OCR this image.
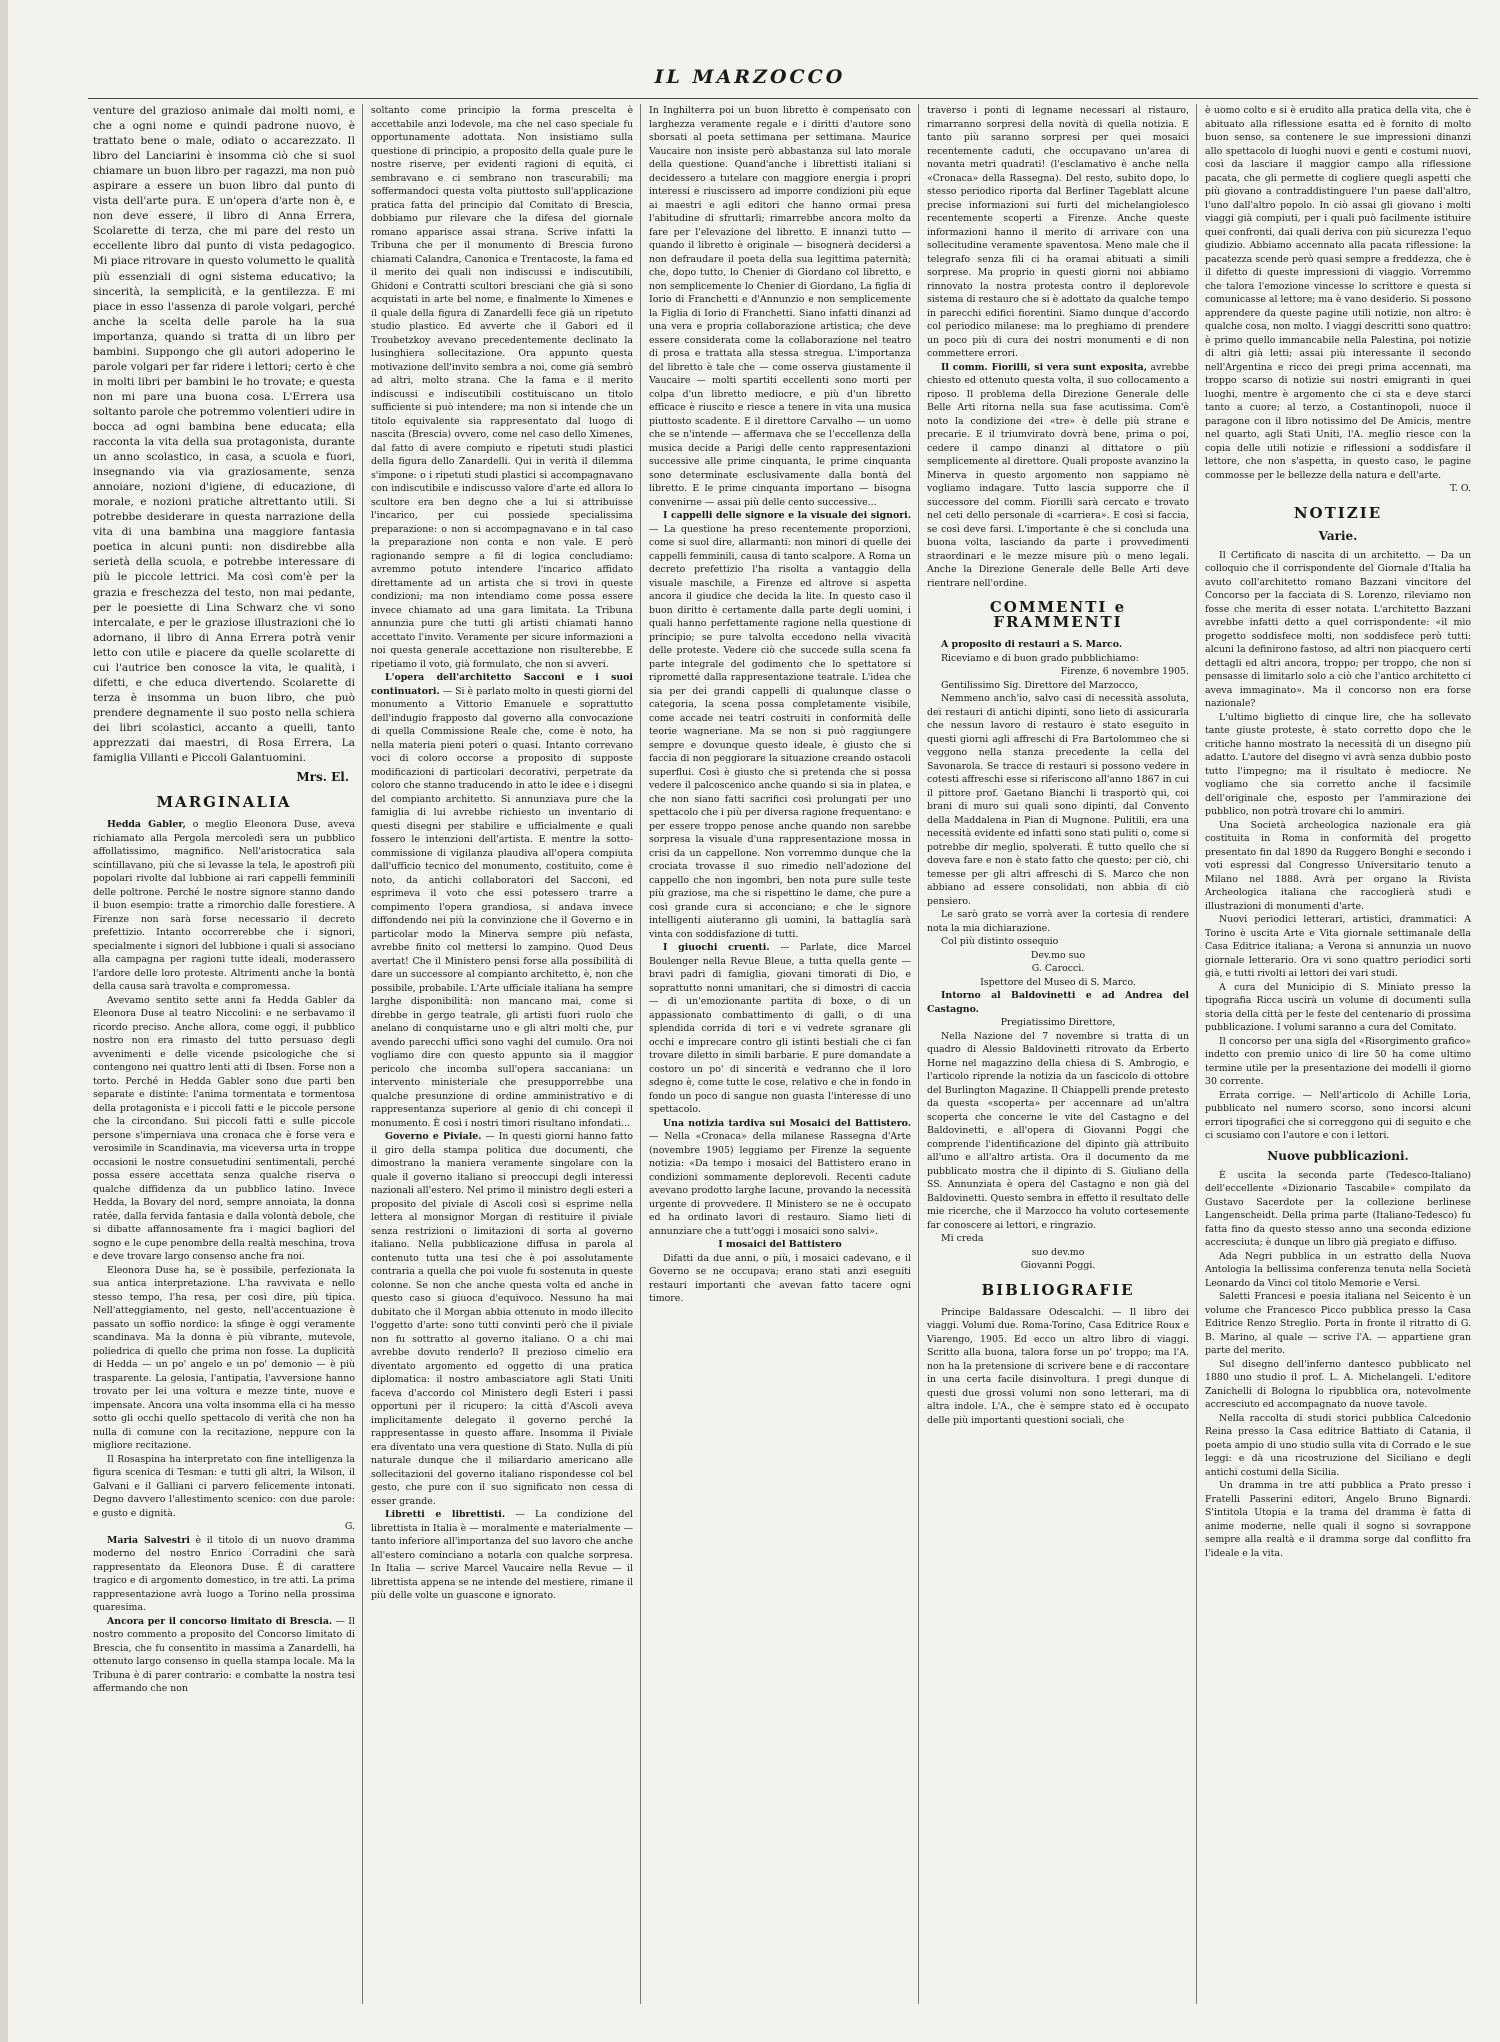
IL MARZOCCO

venture del grazioso animale dai molti nomi, e che a ogni nome e quindi padrone nuovo, è trattato bene o male, odiato o accarezzato. Il libro del Lanciarini è insomma ciò che si suol chiamare un buon libro per ragazzi, ma non può aspirare a essere un buon libro dal punto di vista dell'arte pura. E un'opera d'arte non è, e non deve essere, il libro di Anna Errera, Scolarette di terza, che mi pare del resto un eccellente libro dal punto di vista pedagogico. Mi piace ritrovare in questo volumetto le qualità più essenziali di ogni sistema educativo; la sincerità, la semplicità, e la gentilezza. E mi piace in esso l'assenza di parole volgari, perché anche la scelta delle parole ha la sua importanza, quando si tratta di un libro per bambini. Suppongo che gli autori adoperino le parole volgari per far ridere i lettori; certo è che in molti libri per bambini le ho trovate; e questa non mi pare una buona cosa. L'Errera usa soltanto parole che potremmo volentieri udire in bocca ad ogni bambina bene educata; ella racconta la vita della sua protagonista, durante un anno scolastico, in casa, a scuola e fuori, insegnando via via graziosamente, senza annoiare, nozioni d'igiene, di educazione, di morale, e nozioni pratiche altrettanto utili. Si potrebbe desiderare in questa narrazione della vita di una bambina una maggiore fantasia poetica in alcuni punti: non disdirebbe alla serietà della scuola, e potrebbe interessare di più le piccole lettrici. Ma così com'è per la grazia e freschezza del testo, non mai pedante, per le poesiette di Lina Schwarz che vi sono intercalate, e per le graziose illustrazioni che lo adornano, il libro di Anna Errera potrà venir letto con utile e piacere da quelle scolarette di cui l'autrice ben conosce la vita, le qualità, i difetti, e che educa divertendo. Scolarette di terza è insomma un buon libro, che può prendere degnamente il suo posto nella schiera dei libri scolastici, accanto a quelli, tanto apprezzati dai maestri, di Rosa Errera, La famiglia Villanti e Piccoli Galantuomini.

Mrs. El.
MARGINALIA

Hedda Gabler, o meglio Eleonora Duse, aveva richiamato alla Pergola mercoledì sera un pubblico affollatissimo, magnifico. Nell'aristocratica sala scintillavano, più che si levasse la tela, le apostrofi più popolari rivolte dal lubbione ai rari cappelli femminili delle poltrone. Perché le nostre signore stanno dando il buon esempio: tratte a rimorchio dalle forestiere. A Firenze non sarà forse necessario il decreto prefettizio. Intanto occorrerebbe che i signori, specialmente i signori del lubbione i quali si associano alla campagna per ragioni tutte ideali, moderassero l'ardore delle loro proteste. Altrimenti anche la bontà della causa sarà travolta e compromessa.

Avevamo sentito sette anni fa Hedda Gabler da Eleonora Duse al teatro Niccolini: e ne serbavamo il ricordo preciso. Anche allora, come oggi, il pubblico nostro non era rimasto del tutto persuaso degli avvenimenti e delle vicende psicologiche che si contengono nei quattro lenti atti di Ibsen. Forse non a torto. Perché in Hedda Gabler sono due parti ben separate e distinte: l'anima tormentata e tormentosa della protagonista e i piccoli fatti e le piccole persone che la circondano. Sui piccoli fatti e sulle piccole persone s'imperniava una cronaca che è forse vera e verosimile in Scandinavia, ma viceversa urta in troppe occasioni le nostre consuetudini sentimentali, perché possa essere accettata senza qualche riserva o qualche diffidenza da un pubblico latino. Invece Hedda, la Bovary del nord, sempre annoiata, la donna ratée, dalla fervida fantasia e dalla volontà debole, che si dibatte affannosamente fra i magici bagliori del sogno e le cupe penombre della realtà meschina, trova e deve trovare largo consenso anche fra noi.

Eleonora Duse ha, se è possibile, perfezionata la sua antica interpretazione. L'ha ravvivata e nello stesso tempo, l'ha resa, per così dire, più tipica. Nell'atteggiamento, nel gesto, nell'accentuazione è passato un soffio nordico: la sfinge è oggi veramente scandinava. Ma la donna è più vibrante, mutevole, poliedrica di quello che prima non fosse. La duplicità di Hedda — un po' angelo e un po' demonio — è più trasparente. La gelosia, l'antipatia, l'avversione hanno trovato per lei una voltura e mezze tinte, nuove e impensate. Ancora una volta insomma ella ci ha messo sotto gli occhi quello spettacolo di verità che non ha nulla di comune con la recitazione, neppure con la migliore recitazione.

Il Rosaspina ha interpretato con fine intelligenza la figura scenica di Tesman: e tutti gli altri, la Wilson, il Galvani e il Galliani ci parvero felicemente intonati. Degno davvero l'allestimento scenico: con due parole: e gusto e dignità.

G.

Maria Salvestri è il titolo di un nuovo dramma moderno del nostro Enrico Corradini che sarà rappresentato da Eleonora Duse. È di carattere tragico e di argomento domestico, in tre atti. La prima rappresentazione avrà luogo a Torino nella prossima quaresima.

Ancora per il concorso limitato di Brescia. — Il nostro commento a proposito del Concorso limitato di Brescia, che fu consentito in massima a Zanardelli, ha ottenuto largo consenso in quella stampa locale. Ma la Tribuna è di parer contrario: e combatte la nostra tesi affermando che non

soltanto come principio la forma prescelta è accettabile anzi lodevole, ma che nel caso speciale fu opportunamente adottata. Non insistiamo sulla questione di principio, a proposito della quale pure le nostre riserve, per evidenti ragioni di equità, ci sembravano e ci sembrano non trascurabili; ma soffermandoci questa volta piuttosto sull'applicazione pratica fatta del principio dal Comitato di Brescia, dobbiamo pur rilevare che la difesa del giornale romano apparisce assai strana. Scrive infatti la Tribuna che per il monumento di Brescia furono chiamati Calandra, Canonica e Trentacoste, la fama ed il merito dei quali non indiscussi e indiscutibili, Ghidoni e Contratti scultori bresciani che già si sono acquistati in arte bel nome, e finalmente lo Ximenes e il quale della figura di Zanardelli fece già un ripetuto studio plastico. Ed avverte che il Gabori ed il Troubetzkoy avevano precedentemente declinato la lusinghiera sollecitazione. Ora appunto questa motivazione dell'invito sembra a noi, come già sembrò ad altri, molto strana. Che la fama e il merito indiscussi e indiscutibili costituiscano un titolo sufficiente si può intendere; ma non si intende che un titolo equivalente sia rappresentato dal luogo di nascita (Brescia) ovvero, come nel caso dello Ximenes, dal fatto di avere compiuto e ripetuti studi plastici della figura dello Zanardelli. Qui in verità il dilemma s'impone: o i ripetuti studi plastici si accompagnavano con indiscutibile e indiscusso valore d'arte ed allora lo scultore era ben degno che a lui si attribuisse l'incarico, per cui possiede specialissima preparazione: o non si accompagnavano e in tal caso la preparazione non conta e non vale. E però ragionando sempre a fil di logica concludiamo: avremmo potuto intendere l'incarico affidato direttamente ad un artista che si trovi in queste condizioni; ma non intendiamo come possa essere invece chiamato ad una gara limitata. La Tribuna annunzia pure che tutti gli artisti chiamati hanno accettato l'invito. Veramente per sicure informazioni a noi questa generale accettazione non risulterebbe. E ripetiamo il voto, già formulato, che non si avveri.

L'opera dell'architetto Sacconi e i suoi continuatori. — Si è parlato molto in questi giorni del monumento a Vittorio Emanuele e soprattutto dell'indugio frapposto dal governo alla convocazione di quella Commissione Reale che, come è noto, ha nella materia pieni poteri o quasi. Intanto correvano voci di coloro occorse a proposito di supposte modificazioni di particolari decorativi, perpetrate da coloro che stanno traducendo in atto le idee e i disegni del compianto architetto. Si annunziava pure che la famiglia di lui avrebbe richiesto un inventario di questi disegni per stabilire e ufficialmente e quali fossero le intenzioni dell'artista. E mentre la sotto-commissione di vigilanza plaudiva all'opera compiuta dall'ufficio tecnico del monumento, costituito, come è noto, da antichi collaboratori del Sacconi, ed esprimeva il voto che essi potessero trarre a compimento l'opera grandiosa, si andava invece diffondendo nei più la convinzione che il Governo e in particolar modo la Minerva sempre più nefasta, avrebbe finito col mettersi lo zampino. Quod Deus avertat! Che il Ministero pensi forse alla possibilità di dare un successore al compianto architetto, è, non che possibile, probabile. L'Arte ufficiale italiana ha sempre larghe disponibilità: non mancano mai, come si direbbe in gergo teatrale, gli artisti fuori ruolo che anelano di conquistarne uno e gli altri molti che, pur avendo parecchi uffici sono vaghi del cumulo. Ora noi vogliamo dire con questo appunto sia il maggior pericolo che incomba sull'opera saccaniana: un intervento ministeriale che presupporrebbe una qualche presunzione di ordine amministrativo e di rappresentanza superiore al genio di chi concepì il monumento. È così i nostri timori risultano infondati...

Governo e Piviale. — In questi giorni hanno fatto il giro della stampa politica due documenti, che dimostrano la maniera veramente singolare con la quale il governo italiano si preoccupi degli interessi nazionali all'estero. Nel primo il ministro degli esteri a proposito del piviale di Ascoli così si esprime nella lettera al monsignor Morgan di restituire il piviale senza restrizioni o limitazioni di sorta al governo italiano. Nella pubblicazione diffusa in parola al contenuto tutta una tesi che è poi assolutamente contraria a quella che poi vuole fu sostenuta in queste colonne. Se non che anche questa volta ed anche in questo caso si giuoca d'equivoco. Nessuno ha mai dubitato che il Morgan abbia ottenuto in modo illecito l'oggetto d'arte: sono tutti convinti però che il piviale non fu sottratto al governo italiano. O a chi mai avrebbe dovuto renderlo? Il prezioso cimelio era diventato argomento ed oggetto di una pratica diplomatica: il nostro ambasciatore agli Stati Uniti faceva d'accordo col Ministero degli Esteri i passi opportuni per il ricupero: la città d'Ascoli aveva implicitamente delegato il governo perché la rappresentasse in questo affare. Insomma il Piviale era diventato una vera questione di Stato. Nulla di più naturale dunque che il miliardario americano alle sollecitazioni del governo italiano rispondesse col bel gesto, che pure con il suo significato non cessa di esser grande.

Libretti e librettisti. — La condizione del librettista in Italia è — moralmente e materialmente — tanto inferiore all'importanza del suo lavoro che anche all'estero cominciano a notarla con qualche sorpresa. In Italia — scrive Marcel Vaucaire nella Revue — il librettista appena se ne intende del mestiere, rimane il più delle volte un guascone e ignorato.

In Inghilterra poi un buon libretto è compensato con larghezza veramente regale e i diritti d'autore sono sborsati al poeta settimana per settimana. Maurice Vaucaire non insiste però abbastanza sul lato morale della questione. Quand'anche i librettisti italiani si decidessero a tutelare con maggiore energia i propri interessi e riuscissero ad imporre condizioni più eque ai maestri e agli editori che hanno ormai presa l'abitudine di sfruttarli; rimarrebbe ancora molto da fare per l'elevazione del libretto. E innanzi tutto — quando il libretto è originale — bisognerà decidersi a non defraudare il poeta della sua legittima paternità; che, dopo tutto, lo Chenier di Giordano col libretto, e non semplicemente lo Chenier di Giordano, La figlia di Iorio di Franchetti e d'Annunzio e non semplicemente la Figlia di Iorio di Franchetti. Siano infatti dinanzi ad una vera e propria collaborazione artistica; che deve essere considerata come la collaborazione nel teatro di prosa e trattata alla stessa stregua. L'importanza del libretto è tale che — come osserva giustamente il Vaucaire — molti spartiti eccellenti sono morti per colpa d'un libretto mediocre, e più d'un libretto efficace è riuscito e riesce a tenere in vita una musica piuttosto scadente. E il direttore Carvalho — un uomo che se n'intende — affermava che se l'eccellenza della musica decide a Parigi delle cento rappresentazioni successive alle prime cinquanta, le prime cinquanta sono determinate esclusivamente dalla bontà del libretto. E le prime cinquanta importano — bisogna convenirne — assai più delle cento successive...

I cappelli delle signore e la visuale dei signori. — La questione ha preso recentemente proporzioni, come si suol dire, allarmanti: non minori di quelle dei cappelli femminili, causa di tanto scalpore. A Roma un decreto prefettizio l'ha risolta a vantaggio della visuale maschile, a Firenze ed altrove si aspetta ancora il giudice che decida la lite. In questo caso il buon diritto è certamente dalla parte degli uomini, i quali hanno perfettamente ragione nella questione di principio; se pure talvolta eccedono nella vivacità delle proteste. Vedere ciò che succede sulla scena fa parte integrale del godimento che lo spettatore si riprometté dalla rappresentazione teatrale. L'idea che sia per dei grandi cappelli di qualunque classe o categoria, la scena possa completamente visibile, come accade nei teatri costruiti in conformità delle teorie wagneriane. Ma se non si può raggiungere sempre e dovunque questo ideale, è giusto che si faccia di non peggiorare la situazione creando ostacoli superflui. Così è giusto che si pretenda che si possa vedere il palcoscenico anche quando si sia in platea, e che non siano fatti sacrifici così prolungati per uno spettacolo che i più per diversa ragione frequentano: e per essere troppo penose anche quando non sarebbe sorpresa la visuale d'una rappresentazione mossa in crisi da un cappellone. Non vorremmo dunque che la crociata trovasse il suo rimedio nell'adozione del cappello che non ingombri, ben nota pure sulle teste più graziose, ma che si rispettino le dame, che pure a così grande cura si acconciano; e che le signore intelligenti aiuteranno gli uomini, la battaglia sarà vinta con soddisfazione di tutti.

I giuochi cruenti. — Parlate, dice Marcel Boulenger nella Revue Bleue, a tutta quella gente — bravi padri di famiglia, giovani timorati di Dio, e soprattutto nonni umanitari, che si dimostri di caccia — di un'emozionante partita di boxe, o di un appassionato combattimento di galli, o di una splendida corrida di tori e vi vedrete sgranare gli occhi e imprecare contro gli istinti bestiali che ci fan trovare diletto in simili barbarie. E pure domandate a costoro un po' di sincerità e vedranno che il loro sdegno è, come tutte le cose, relativo e che in fondo in fondo un poco di sangue non guasta l'interesse di uno spettacolo.

Una notizia tardiva sui Mosaici del Battistero. — Nella «Cronaca» della milanese Rassegna d'Arte (novembre 1905) leggiamo per Firenze la seguente notizia: «Da tempo i mosaici del Battistero erano in condizioni sommamente deplorevoli. Recenti cadute avevano prodotto larghe lacune, provando la necessità urgente di provvedere. Il Ministero se ne è occupato ed ha ordinato lavori di restauro. Siamo lieti di annunziare che a tutt'oggi i mosaici sono salvi».

I mosaici del Battistero

Difatti da due anni, o più, i mosaici cadevano, e il Governo se ne occupava; erano stati anzi eseguiti restauri importanti che avevan fatto tacere ogni timore.

traverso i ponti di legname necessari al ristauro, rimarranno sorpresi della novità di quella notizia. E tanto più saranno sorpresi per quei mosaici recentemente caduti, che occupavano un'area di novanta metri quadrati! (l'esclamativo è anche nella «Cronaca» della Rassegna). Del resto, subito dopo, lo stesso periodico riporta dal Berliner Tageblatt alcune precise informazioni sui furti del michelangiolesco recentemente scoperti a Firenze. Anche queste informazioni hanno il merito di arrivare con una sollecitudine veramente spaventosa. Meno male che il telegrafo senza fili ci ha oramai abituati a simili sorprese. Ma proprio in questi giorni noi abbiamo rinnovato la nostra protesta contro il deplorevole sistema di restauro che si è adottato da qualche tempo in parecchi edifici fiorentini. Siamo dunque d'accordo col periodico milanese: ma lo preghiamo di prendere un poco più di cura dei nostri monumenti e di non commettere errori.

Il comm. Fiorilli, si vera sunt exposita, avrebbe chiesto ed ottenuto questa volta, il suo collocamento a riposo. Il problema della Direzione Generale delle Belle Arti ritorna nella sua fase acutissima. Com'è noto la condizione dei «tre» è delle più strane e precarie. E il triumvirato dovrà bene, prima o poi, cedere il campo dinanzi al dittatore o più semplicemente al direttore. Quali proposte avanzino la Minerva in questo argomento non sappiamo nè vogliamo indagare. Tutto lascia supporre che il successore del comm. Fiorilli sarà cercato e trovato nel ceti dello personale di «carriera». E così si faccia, se così deve farsi. L'importante è che si concluda una buona volta, lasciando da parte i provvedimenti straordinari e le mezze misure più o meno legali. Anche la Direzione Generale delle Belle Arti deve rientrare nell'ordine.

COMMENTI e FRAMMENTI

A proposito di restauri a S. Marco.

Riceviamo e di buon grado pubblichiamo:

Firenze, 6 novembre 1905.

Gentilissimo Sig. Direttore del Marzocco,

Nemmeno anch'io, salvo casi di necessità assoluta, dei restauri di antichi dipinti, sono lieto di assicurarla che nessun lavoro di restauro è stato eseguito in questi giorni agli affreschi di Fra Bartolommeo che si veggono nella stanza precedente la cella del Savonarola. Se tracce di restauri si possono vedere in cotesti affreschi esse si riferiscono all'anno 1867 in cui il pittore prof. Gaetano Bianchi li trasportò qui, coi brani di muro sui quali sono dipinti, dal Convento della Maddalena in Pian di Mugnone. Pulitili, era una necessità evidente ed infatti sono stati puliti o, come si potrebbe dir meglio, spolverati. È tutto quello che si doveva fare e non è stato fatto che questo; per ciò, chi temesse per gli altri affreschi di S. Marco che non abbiano ad essere consolidati, non abbia di ciò pensiero.

Le sarò grato se vorrà aver la cortesia di rendere nota la mia dichiarazione.

Col più distinto ossequio

Dev.mo suo

G. Carocci.

Ispettore del Museo di S. Marco.

Intorno al Baldovinetti e ad Andrea del Castagno.

Pregiatissimo Direttore,

Nella Nazione del 7 novembre si tratta di un quadro di Alessio Baldovinetti ritrovato da Erberto Horne nel magazzino della chiesa di S. Ambrogio, e l'articolo riprende la notizia da un fascicolo di ottobre del Burlington Magazine. Il Chiappelli prende pretesto da questa «scoperta» per accennare ad un'altra scoperta che concerne le vite del Castagno e del Baldovinetti, e all'opera di Giovanni Poggi che comprende l'identificazione del dipinto già attribuito all'uno e all'altro artista. Ora il documento da me pubblicato mostra che il dipinto di S. Giuliano della SS. Annunziata è opera del Castagno e non già del Baldovinetti. Questo sembra in effetto il resultato delle mie ricerche, che il Marzocco ha voluto cortesemente far conoscere ai lettori, e ringrazio.

Mi creda

suo dev.mo

Giovanni Poggi.

BIBLIOGRAFIE

Principe Baldassare Odescalchi. — Il libro dei viaggi. Volumi due. Roma-Torino, Casa Editrice Roux e Viarengo, 1905. Ed ecco un altro libro di viaggi. Scritto alla buona, talora forse un po' troppo; ma l'A. non ha la pretensione di scrivere bene e di raccontare in una certa facile disinvoltura. I pregi dunque di questi due grossi volumi non sono letterari, ma di altra indole. L'A., che è sempre stato ed è occupato delle più importanti questioni sociali, che

è uomo colto e si è erudito alla pratica della vita, che è abituato alla riflessione esatta ed è fornito di molto buon senso, sa contenere le sue impressioni dinanzi allo spettacolo di luoghi nuovi e genti e costumi nuovi, così da lasciare il maggior campo alla riflessione pacata, che gli permette di cogliere quegli aspetti che più giovano a contraddistinguere l'un paese dall'altro, l'uno dall'altro popolo. In ciò assai gli giovano i molti viaggi già compiuti, per i quali può facilmente istituire quei confronti, dai quali deriva con più sicurezza l'equo giudizio. Abbiamo accennato alla pacata riflessione: la pacatezza scende però quasi sempre a freddezza, che è il difetto di queste impressioni di viaggio. Vorremmo che talora l'emozione vincesse lo scrittore e questa si comunicasse al lettore; ma è vano desiderio. Si possono apprendere da queste pagine utili notizie, non altro: è qualche cosa, non molto. I viaggi descritti sono quattro: è primo quello immancabile nella Palestina, poi notizie di altri già letti; assai più interessante il secondo nell'Argentina e ricco dei pregi prima accennati, ma troppo scarso di notizie sui nostri emigranti in quei luoghi, mentre è argomento che ci sta e deve starci tanto a cuore; al terzo, a Costantinopoli, nuoce il paragone con il libro notissimo del De Amicis, mentre nel quarto, agli Stati Uniti, l'A. meglio riesce con la copia delle utili notizie e riflessioni a soddisfare il lettore, che non s'aspetta, in questo caso, le pagine commosse per le bellezze della natura e dell'arte.

T. O.

NOTIZIE
Varie.

Il Certificato di nascita di un architetto. — Da un colloquio che il corrispondente del Giornale d'Italia ha avuto coll'architetto romano Bazzani vincitore del Concorso per la facciata di S. Lorenzo, rileviamo non fosse che merita di esser notata. L'architetto Bazzani avrebbe infatti detto a quel corrispondente: «il mio progetto soddisfece molti, non soddisfece però tutti: alcuni la definirono fastoso, ad altri non piacquero certi dettagli ed altri ancora, troppo; per troppo, che non si pensasse di limitarlo solo a ciò che l'antico architetto ci aveva immaginato». Ma il concorso non era forse nazionale?

L'ultimo biglietto di cinque lire, che ha sollevato tante giuste proteste, è stato corretto dopo che le critiche hanno mostrato la necessità di un disegno più adatto. L'autore del disegno vi avrà senza dubbio posto tutto l'impegno; ma il risultato è mediocre. Ne vogliamo che sia corretto anche il facsimile dell'originale che, esposto per l'ammirazione dei pubblico, non potrà trovare chi lo ammiri.

Una Società archeologica nazionale era già costituita in Roma in conformità del progetto presentato fin dal 1890 da Ruggero Bonghi e secondo i voti espressi dal Congresso Universitario tenuto a Milano nel 1888. Avrà per organo la Rivista Archeologica italiana che raccoglierà studi e illustrazioni di monumenti d'arte.

Nuovi periodici letterari, artistici, drammatici: A Torino è uscita Arte e Vita giornale settimanale della Casa Editrice italiana; a Verona si annunzia un nuovo giornale letterario. Ora vi sono quattro periodici sorti già, e tutti rivolti ai lettori dei vari studi.

A cura del Municipio di S. Miniato presso la tipografia Ricca uscirà un volume di documenti sulla storia della città per le feste del centenario di prossima pubblicazione. I volumi saranno a cura del Comitato.

Il concorso per una sigla del «Risorgimento grafico» indetto con premio unico di lire 50 ha come ultimo termine utile per la presentazione dei modelli il giorno 30 corrente.

Errata corrige. — Nell'articolo di Achille Loria, pubblicato nel numero scorso, sono incorsi alcuni errori tipografici che si correggono qui di seguito e che ci scusiamo con l'autore e con i lettori.

Nuove pubblicazioni.

È uscita la seconda parte (Tedesco-Italiano) dell'eccellente «Dizionario Tascabile» compilato da Gustavo Sacerdote per la collezione berlinese Langenscheidt. Della prima parte (Italiano-Tedesco) fu fatta fino da questo stesso anno una seconda edizione accresciuta; è dunque un libro già pregiato e diffuso.

Ada Negri pubblica in un estratto della Nuova Antologia la bellissima conferenza tenuta nella Società Leonardo da Vinci col titolo Memorie e Versi.

Saletti Francesi e poesia italiana nel Seicento è un volume che Francesco Picco pubblica presso la Casa Editrice Renzo Streglio. Porta in fronte il ritratto di G. B. Marino, al quale — scrive l'A. — appartiene gran parte del merito.

Sul disegno dell'inferno dantesco pubblicato nel 1880 uno studio il prof. L. A. Michelangeli. L'editore Zanichelli di Bologna lo ripubblica ora, notevolmente accresciuto ed accompagnato da nuove tavole.

Nella raccolta di studi storici pubblica Calcedonio Reina presso la Casa editrice Battiato di Catania, il poeta ampio di uno studio sulla vita di Corrado e le sue leggi: e dà una ricostruzione del Siciliano e degli antichi costumi della Sicilia.

Un dramma in tre atti pubblica a Prato presso i Fratelli Passerini editori, Angelo Bruno Bignardi. S'intitola Utopia e la trama del dramma è fatta di anime moderne, nelle quali il sogno si sovrappone sempre alla realtà e il dramma sorge dal conflitto fra l'ideale e la vita.
